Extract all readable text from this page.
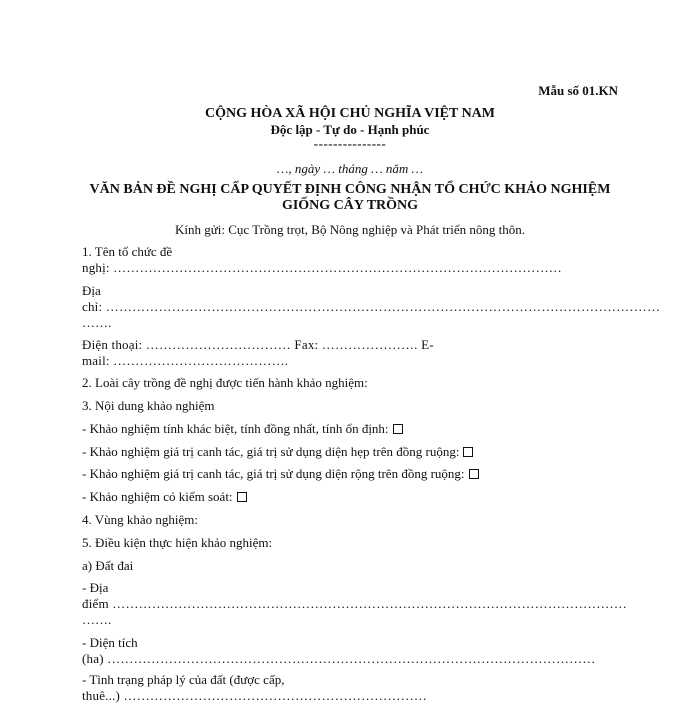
Mẫu số 01.KN
CỘNG HÒA XÃ HỘI CHỦ NGHĨA VIỆT NAM
Độc lập - Tự do - Hạnh phúc
---------------
…, ngày … tháng … năm …
VĂN BẢN ĐỀ NGHỊ CẤP QUYẾT ĐỊNH CÔNG NHẬN TỔ CHỨC KHẢO NGHIỆM
GIỐNG CÂY TRỒNG
Kính gửi: Cục Trồng trọt, Bộ Nông nghiệp và Phát triển nông thôn.
1. Tên tổ chức đề
nghị: …………………………………………………………………………………………
Địa
chỉ: ………………………………………………………………………………………………………………
…….
Điện thoại: …………………………… Fax: …………………. E-
mail: ………………………………….
2. Loài cây trồng đề nghị được tiến hành khảo nghiệm:
3. Nội dung khảo nghiệm
- Khảo nghiệm tính khác biệt, tính đồng nhất, tính ổn định:
- Khảo nghiệm giá trị canh tác, giá trị sử dụng diện hẹp trên đồng ruộng:
- Khảo nghiệm giá trị canh tác, giá trị sử dụng diện rộng trên đồng ruộng:
- Khảo nghiệm có kiểm soát:
4. Vùng khảo nghiệm:
5. Điều kiện thực hiện khảo nghiệm:
a) Đất đai
- Địa
điểm ………………………………………………………………………………………………………
…….
- Diện tích
(ha) …………………………………………………………………………………………………
- Tình trạng pháp lý của đất (được cấp,
thuê...) ……………………………………………………………
